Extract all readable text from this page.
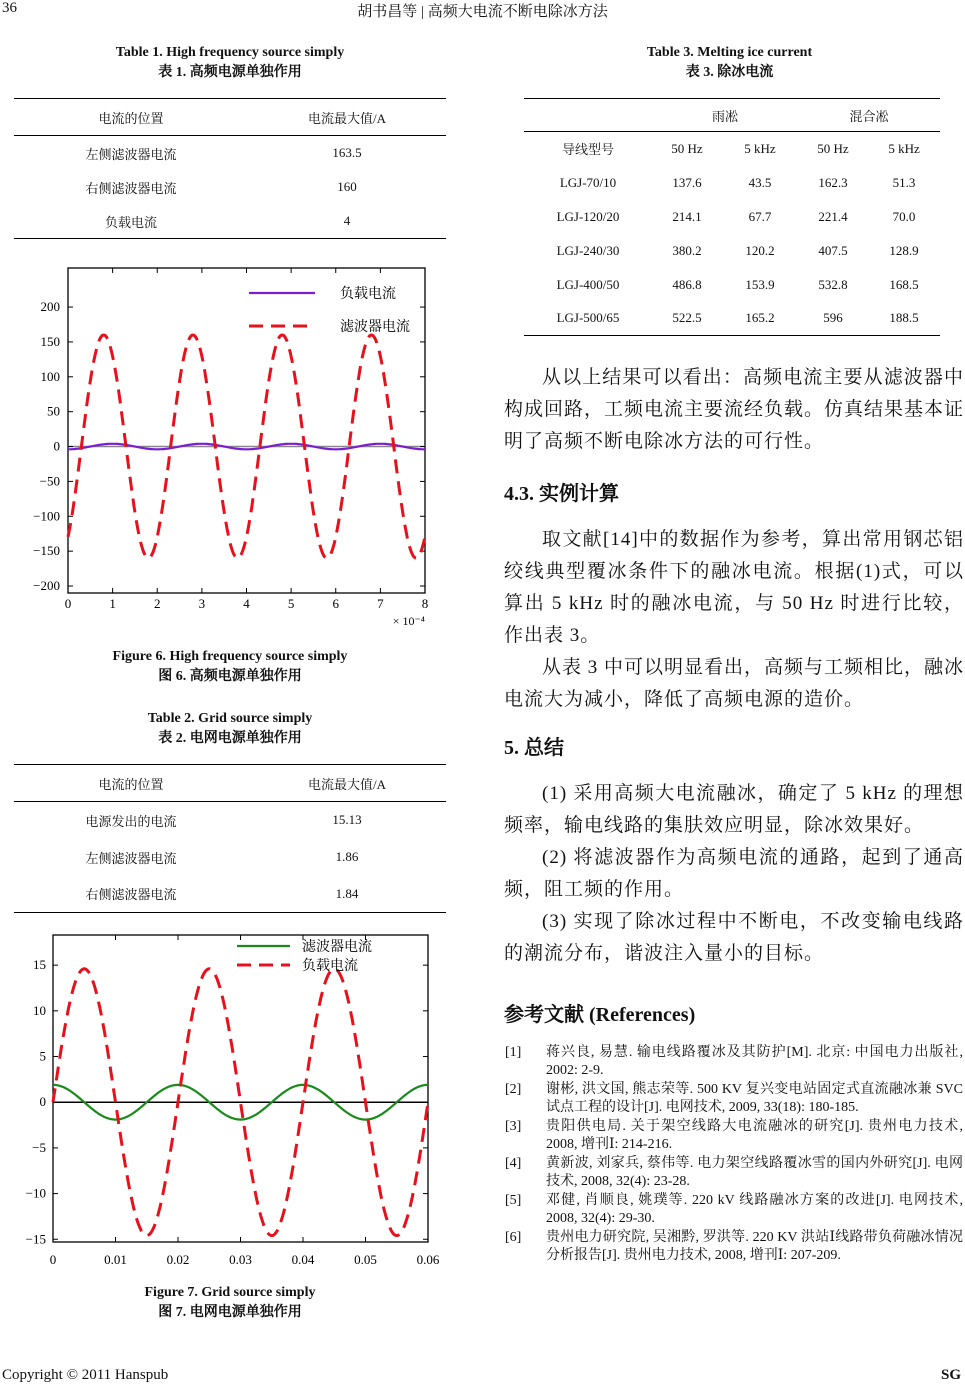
36	胡书昌等 | 高频大电流不断电除冰方法
Table 1. High frequency source simply
表 1. 高频电源单独作用
电流的位置	电流最大值/A
左侧滤波器电流	163.5
右侧滤波器电流	160
负载电流	4
0	1	2	3	4	5	6	7	8
200
150
100
50
0
−50
−100
−150
−200
× 10⁻⁴
负载电流
滤波器电流
Figure 6. High frequency source simply
图 6. 高频电源单独作用
Table 2. Grid source simply
表 2. 电网电源单独作用
电流的位置	电流最大值/A
电源发出的电流	15.13
左侧滤波器电流	1.86
右侧滤波器电流	1.84
0	0.01	0.02	0.03	0.04	0.05	0.06
15
10
5
0
−5
−10
−15
滤波器电流
负载电流
Figure 7. Grid source simply
图 7. 电网电源单独作用
Table 3. Melting ice current
表 3. 除冰电流
	雨凇		混合凇	
导线型号	50 Hz	5 kHz	50 Hz	5 kHz
LGJ-70/10	137.6	43.5	162.3	51.3
LGJ-120/20	214.1	67.7	221.4	70.0
LGJ-240/30	380.2	120.2	407.5	128.9
LGJ-400/50	486.8	153.9	532.8	168.5
LGJ-500/65	522.5	165.2	596	188.5

从以上结果可以看出：高频电流主要从滤波器中构成回路，工频电流主要流经负载。仿真结果基本证明了高频不断电除冰方法的可行性。

4.3. 实例计算

取文献[14]中的数据作为参考，算出常用钢芯铝绞线典型覆冰条件下的融冰电流。根据(1)式，可以算出 5 kHz 时的融冰电流，与 50 Hz 时进行比较，作出表 3。

从表 3 中可以明显看出，高频与工频相比，融冰电流大为减小，降低了高频电源的造价。

5. 总结

(1) 采用高频大电流融冰，确定了 5 kHz 的理想频率，输电线路的集肤效应明显，除冰效果好。

(2) 将滤波器作为高频电流的通路，起到了通高频，阻工频的作用。

(3) 实现了除冰过程中不断电，不改变输电线路的潮流分布，谐波注入量小的目标。

参考文献 (References)
[1]	蒋兴良, 易慧. 输电线路覆冰及其防护[M]. 北京: 中国电力出版社, 2002: 2-9.
[2]	谢彬, 洪文国, 熊志荣等. 500 KV 复兴变电站固定式直流融冰兼 SVC 试点工程的设计[J]. 电网技术, 2009, 33(18): 180-185.
[3]	贵阳供电局. 关于架空线路大电流融冰的研究[J]. 贵州电力技术, 2008, 增刊Ⅰ: 214-216.
[4]	黄新波, 刘家兵, 蔡伟等. 电力架空线路覆冰雪的国内外研究[J]. 电网技术, 2008, 32(4): 23-28.
[5]	邓健, 肖顺良, 姚璞等. 220 kV 线路融冰方案的改进[J]. 电网技术, 2008, 32(4): 29-30.
[6]	贵州电力研究院, 吴湘黔, 罗洪等. 220 KV 洪站Ⅰ线路带负荷融冰情况分析报告[J]. 贵州电力技术, 2008, 增刊Ⅰ: 207-209.
Copyright © 2011 Hanspub	SG
